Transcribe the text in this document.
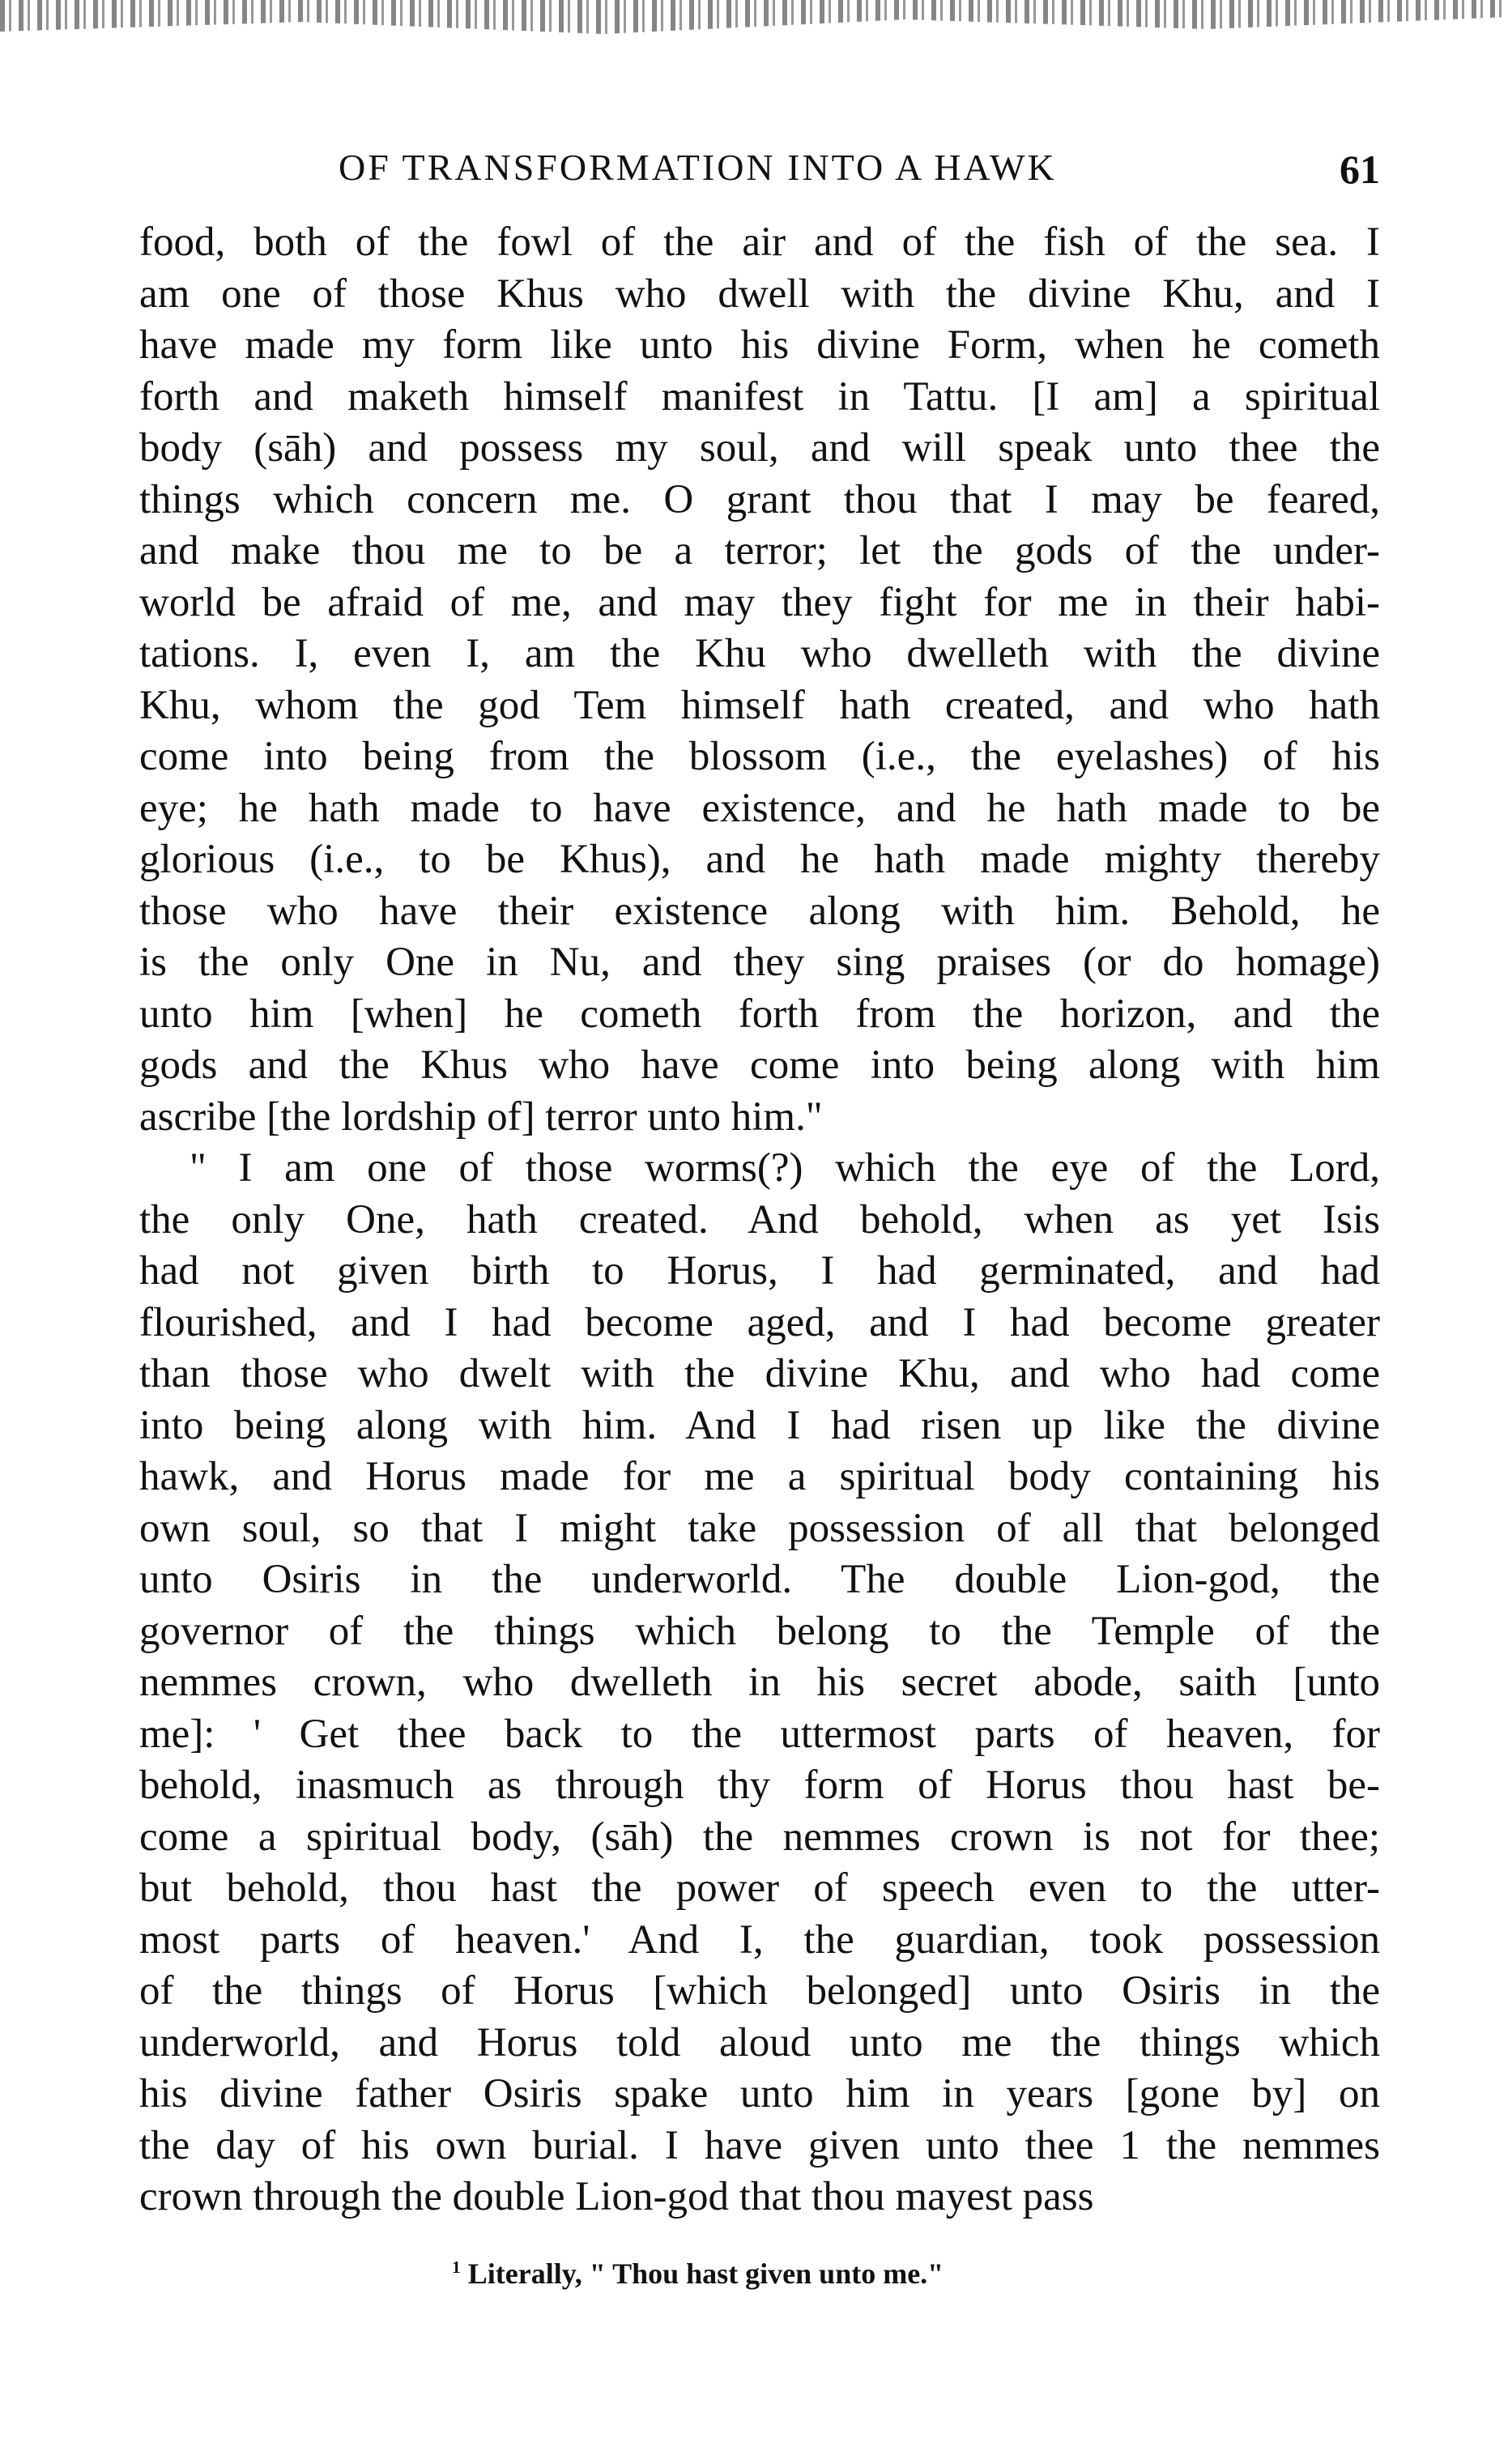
OF TRANSFORMATION INTO A HAWK	61

food, both of the fowl of the air and of the fish of the sea. I
am one of those Khus who dwell with the divine Khu, and I
have made my form like unto his divine Form, when he cometh
forth and maketh himself manifest in Tattu. [I am] a spiritual
body (sāh) and possess my soul, and will speak unto thee the
things which concern me. O grant thou that I may be feared,
and make thou me to be a terror; let the gods of the under-
world be afraid of me, and may they fight for me in their habi-
tations. I, even I, am the Khu who dwelleth with the divine
Khu, whom the god Tem himself hath created, and who hath
come into being from the blossom (i.e., the eyelashes) of his
eye; he hath made to have existence, and he hath made to be
glorious (i.e., to be Khus), and he hath made mighty thereby
those who have their existence along with him. Behold, he
is the only One in Nu, and they sing praises (or do homage)
unto him [when] he cometh forth from the horizon, and the
gods and the Khus who have come into being along with him
ascribe [the lordship of] terror unto him."

" I am one of those worms(?) which the eye of the Lord,
the only One, hath created. And behold, when as yet Isis
had not given birth to Horus, I had germinated, and had
flourished, and I had become aged, and I had become greater
than those who dwelt with the divine Khu, and who had come
into being along with him. And I had risen up like the divine
hawk, and Horus made for me a spiritual body containing his
own soul, so that I might take possession of all that belonged
unto Osiris in the underworld. The double Lion-god, the
governor of the things which belong to the Temple of the
nemmes crown, who dwelleth in his secret abode, saith [unto
me]: ' Get thee back to the uttermost parts of heaven, for
behold, inasmuch as through thy form of Horus thou hast be-
come a spiritual body, (sāh) the nemmes crown is not for thee;
but behold, thou hast the power of speech even to the utter-
most parts of heaven.' And I, the guardian, took possession
of the things of Horus [which belonged] unto Osiris in the
underworld, and Horus told aloud unto me the things which
his divine father Osiris spake unto him in years [gone by] on
the day of his own burial. I have given unto thee 1 the nemmes
crown through the double Lion-god that thou mayest pass

$^1$ Literally, " Thou hast given unto me."
